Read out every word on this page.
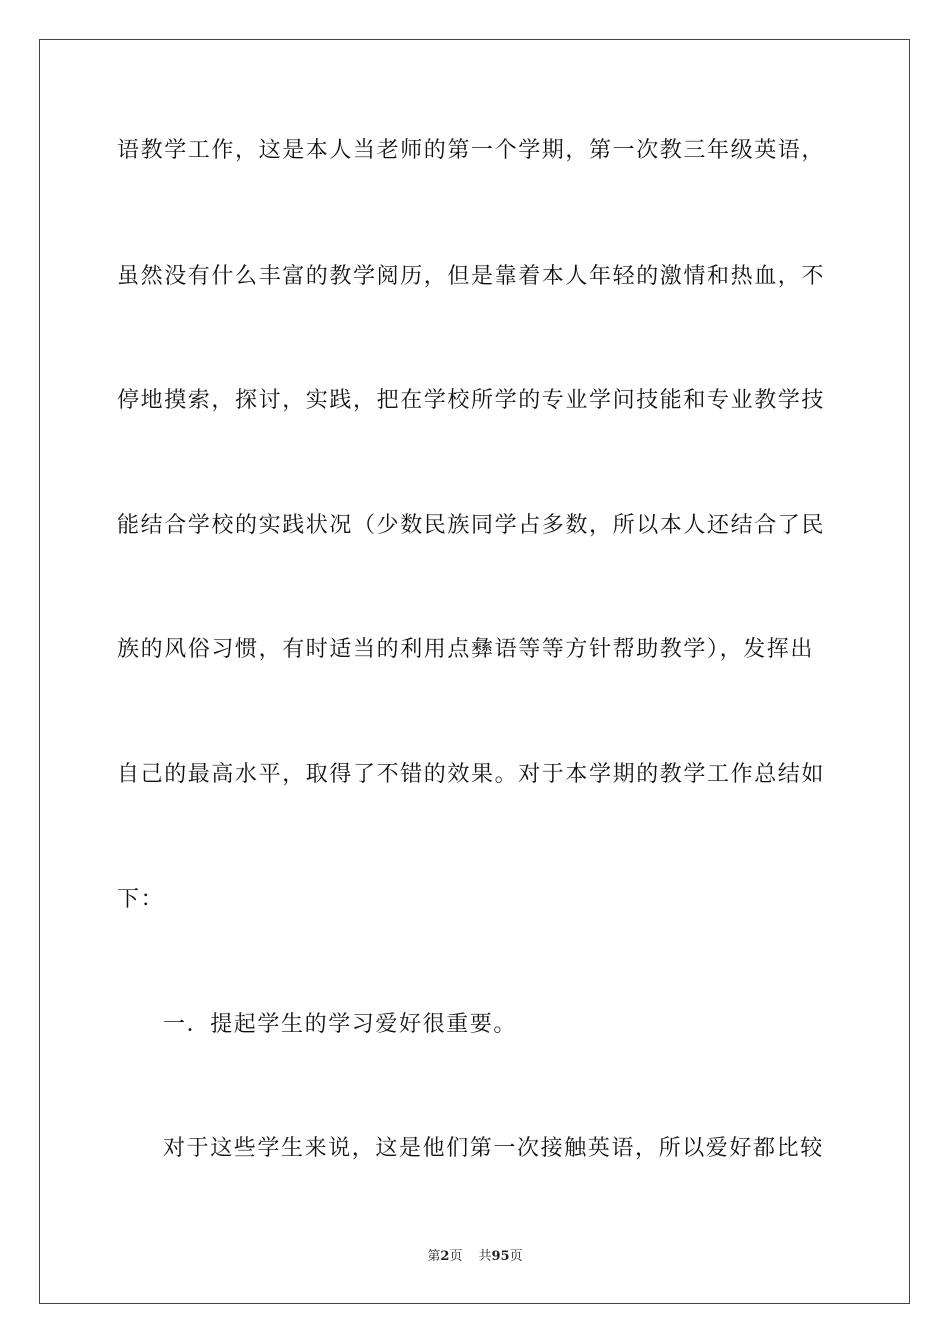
语教学工作，这是本人当老师的第一个学期，第一次教三年级英语，
虽然没有什么丰富的教学阅历，但是靠着本人年轻的激情和热血，不
停地摸索，探讨，实践，把在学校所学的专业学问技能和专业教学技
能结合学校的实践状况（少数民族同学占多数，所以本人还结合了民
族的风俗习惯，有时适当的利用点彝语等等方针帮助教学），发挥出
自己的最高水平，取得了不错的效果。对于本学期的教学工作总结如
下：
一．提起学生的学习爱好很重要。
对于这些学生来说，这是他们第一次接触英语，所以爱好都比较
第2页 共95页
